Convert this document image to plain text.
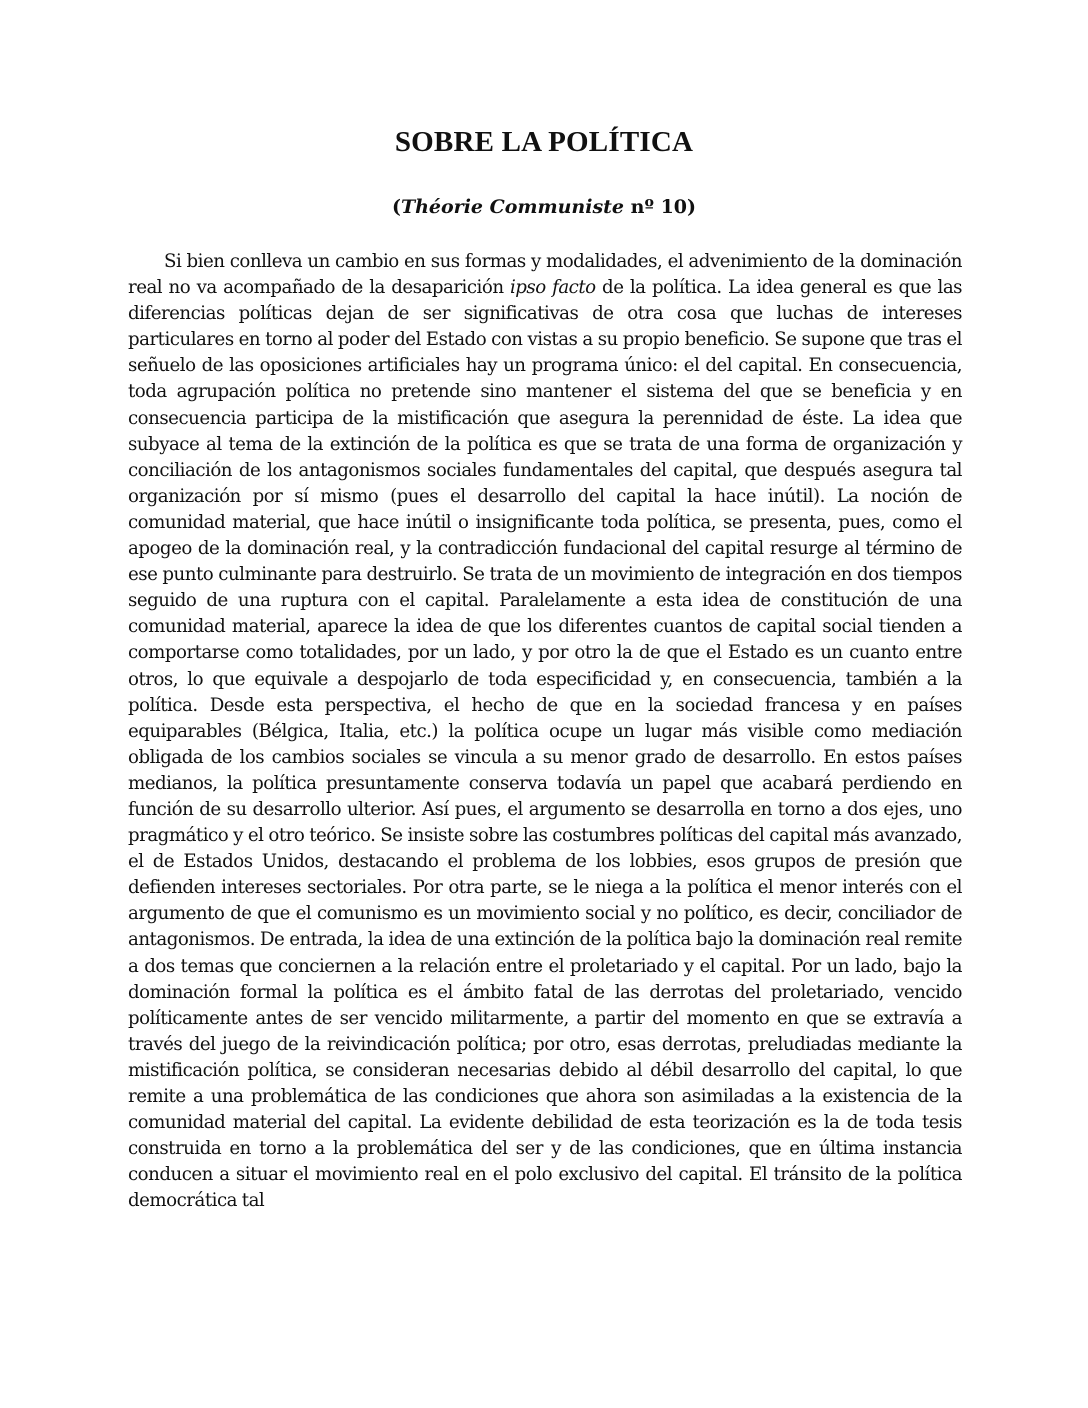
SOBRE LA POLÍTICA

(Théorie Communiste nº 10)

Si bien conlleva un cambio en sus formas y modalidades, el advenimiento de la dominación real no va acompañado de la desaparición ipso facto de la política. La idea general es que las diferencias políticas dejan de ser significativas de otra cosa que luchas de intereses particulares en torno al poder del Estado con vistas a su propio beneficio. Se supone que tras el señuelo de las oposiciones artificiales hay un programa único: el del capital. En consecuencia, toda agrupación política no pretende sino mantener el sistema del que se beneficia y en consecuencia participa de la mistificación que asegura la perennidad de éste. La idea que subyace al tema de la extinción de la política es que se trata de una forma de organización y conciliación de los antagonismos sociales fundamentales del capital, que después asegura tal organización por sí mismo (pues el desarrollo del capital la hace inútil). La noción de comunidad material, que hace inútil o insignificante toda política, se presenta, pues, como el apogeo de la dominación real, y la contradicción fundacional del capital resurge al término de ese punto culminante para destruirlo. Se trata de un movimiento de integración en dos tiempos seguido de una ruptura con el capital. Paralelamente a esta idea de constitución de una comunidad material, aparece la idea de que los diferentes cuantos de capital social tienden a comportarse como totalidades, por un lado, y por otro la de que el Estado es un cuanto entre otros, lo que equivale a despojarlo de toda especificidad y, en consecuencia, también a la política. Desde esta perspectiva, el hecho de que en la sociedad francesa y en países equiparables (Bélgica, Italia, etc.) la política ocupe un lugar más visible como mediación obligada de los cambios sociales se vincula a su menor grado de desarrollo. En estos países medianos, la política presuntamente conserva todavía un papel que acabará perdiendo en función de su desarrollo ulterior. Así pues, el argumento se desarrolla en torno a dos ejes, uno pragmático y el otro teórico. Se insiste sobre las costumbres políticas del capital más avanzado, el de Estados Unidos, destacando el problema de los lobbies, esos grupos de presión que defienden intereses sectoriales. Por otra parte, se le niega a la política el menor interés con el argumento de que el comunismo es un movimiento social y no político, es decir, conciliador de antagonismos. De entrada, la idea de una extinción de la política bajo la dominación real remite a dos temas que conciernen a la relación entre el proletariado y el capital. Por un lado, bajo la dominación formal la política es el ámbito fatal de las derrotas del proletariado, vencido políticamente antes de ser vencido militarmente, a partir del momento en que se extravía a través del juego de la reivindicación política; por otro, esas derrotas, preludiadas mediante la mistificación política, se consideran necesarias debido al débil desarrollo del capital, lo que remite a una problemática de las condiciones que ahora son asimiladas a la existencia de la comunidad material del capital. La evidente debilidad de esta teorización es la de toda tesis construida en torno a la problemática del ser y de las condiciones, que en última instancia conducen a situar el movimiento real en el polo exclusivo del capital. El tránsito de la política democrática tal
